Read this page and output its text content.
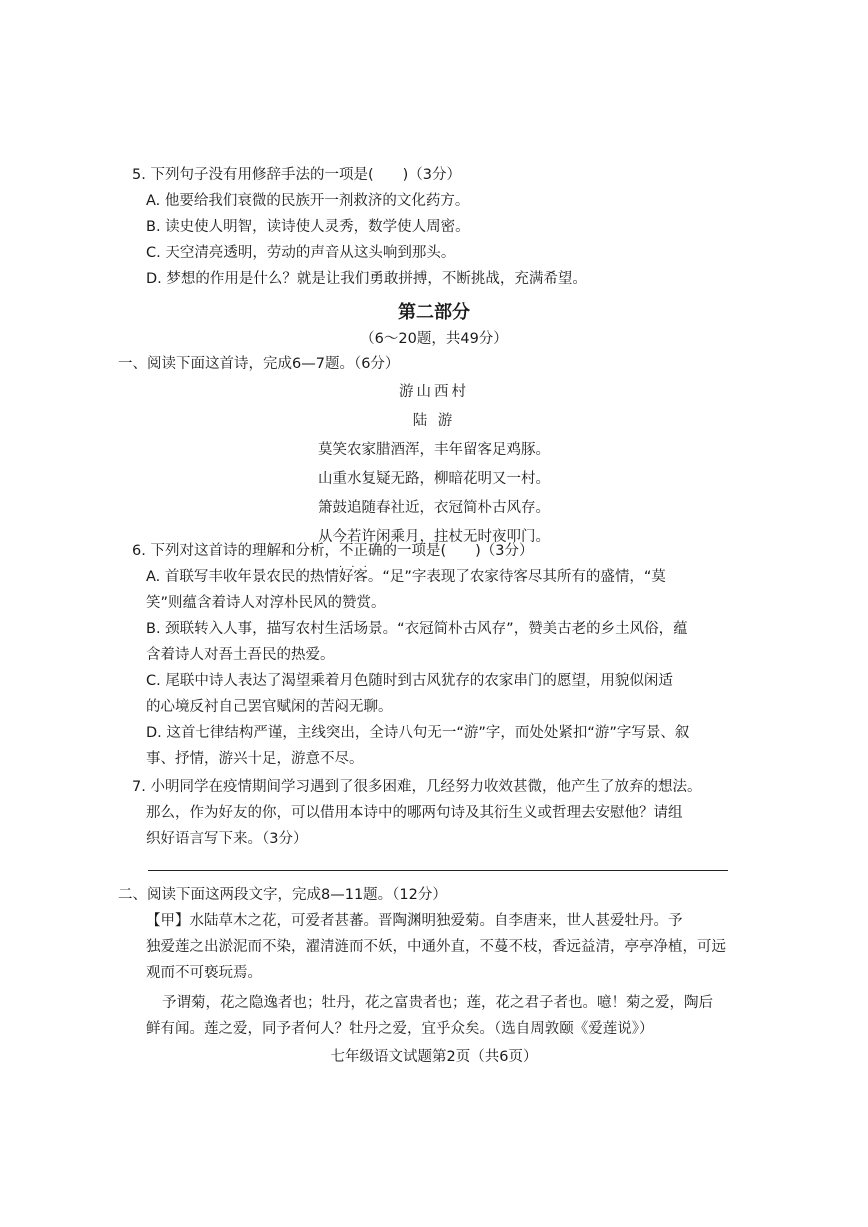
5. 下列句子没有用修辞手法的一项是(　　)（3分）
A. 他要给我们衰微的民族开一剂救济的文化药方。
B. 读史使人明智，读诗使人灵秀，数学使人周密。
C. 天空清亮透明，劳动的声音从这头响到那头。
D. 梦想的作用是什么？就是让我们勇敢拼搏，不断挑战，充满希望。
第二部分
（6～20题，共49分）
一、阅读下面这首诗，完成6—7题。（6分）
游山西村
陆 游
莫笑农家腊酒浑，丰年留客足鸡豚。
山重水复疑无路，柳暗花明又一村。
箫鼓追随春社近，衣冠简朴古风存。
从今若许闲乘月，拄杖无时夜叩门。
6. 下列对这首诗的理解和分析，不正确 · · ·的一项是(　　)（3分）
A. 首联写丰收年景农民的热情好客。“足”字表现了农家待客尽其所有的盛情，“莫
笑”则蕴含着诗人对淳朴民风的赞赏。
B. 颈联转入人事，描写农村生活场景。“衣冠简朴古风存”，赞美古老的乡土风俗，蕴
含着诗人对吾土吾民的热爱。
C. 尾联中诗人表达了渴望乘着月色随时到古风犹存的农家串门的愿望，用貌似闲适
的心境反衬自己罢官赋闲的苦闷无聊。
D. 这首七律结构严谨，主线突出，全诗八句无一“游”字，而处处紧扣“游”字写景、叙
事、抒情，游兴十足，游意不尽。
7. 小明同学在疫情期间学习遇到了很多困难，几经努力收效甚微，他产生了放弃的想法。
那么，作为好友的你，可以借用本诗中的哪两句诗及其衍生义或哲理去安慰他？请组
织好语言写下来。（3分）
二、阅读下面这两段文字，完成8—11题。（12分）
【甲】水陆草木之花，可爱者甚蕃。晋陶渊明独爱菊。自李唐来，世人甚爱牡丹。予
独爱莲之出淤泥而不染，濯清涟而不妖，中通外直，不蔓不枝，香远益清，亭亭净植，可远
观而不可亵玩焉。
予谓菊，花之隐逸者也；牡丹，花之富贵者也；莲，花之君子者也。噫！菊之爱，陶后
鲜有闻。莲之爱，同予者何人？牡丹之爱，宜乎众矣。（选自周敦颐《爱莲说》）
七年级语文试题第2页（共6页）
